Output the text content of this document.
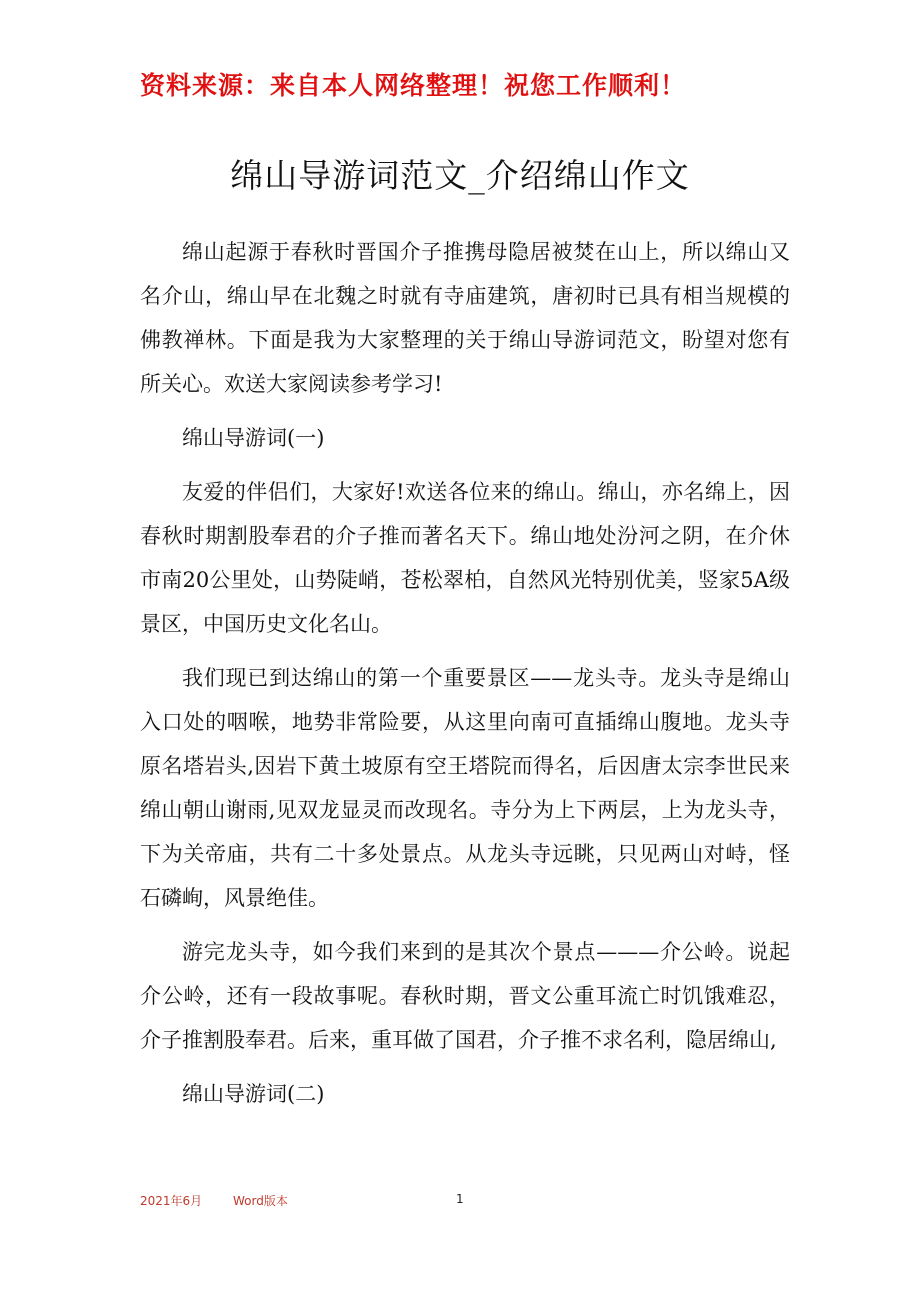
资料来源：来自本人网络整理！祝您工作顺利！
绵山导游词范文_介绍绵山作文

绵山起源于春秋时晋国介子推携母隐居被焚在山上，所以绵山又名介山，绵山早在北魏之时就有寺庙建筑，唐初时已具有相当规模的佛教禅林。下面是我为大家整理的关于绵山导游词范文，盼望对您有所关心。欢送大家阅读参考学习!

绵山导游词(一)

友爱的伴侣们，大家好!欢送各位来的绵山。绵山，亦名绵上，因春秋时期割股奉君的介子推而著名天下。绵山地处汾河之阴，在介休市南20公里处，山势陡峭，苍松翠柏，自然风光特别优美，竖家5A级景区，中国历史文化名山。

我们现已到达绵山的第一个重要景区——龙头寺。龙头寺是绵山入口处的咽喉，地势非常险要，从这里向南可直插绵山腹地。龙头寺原名塔岩头,因岩下黄土坡原有空王塔院而得名，后因唐太宗李世民来绵山朝山谢雨,见双龙显灵而改现名。寺分为上下两层，上为龙头寺，下为关帝庙，共有二十多处景点。从龙头寺远眺，只见两山对峙，怪石磷峋，风景绝佳。

游完龙头寺，如今我们来到的是其次个景点———介公岭。说起介公岭，还有一段故事呢。春秋时期，晋文公重耳流亡时饥饿难忍，介子推割股奉君。后来，重耳做了国君，介子推不求名利，隐居绵山,

绵山导游词(二)

2021年6月	Word版本	1
